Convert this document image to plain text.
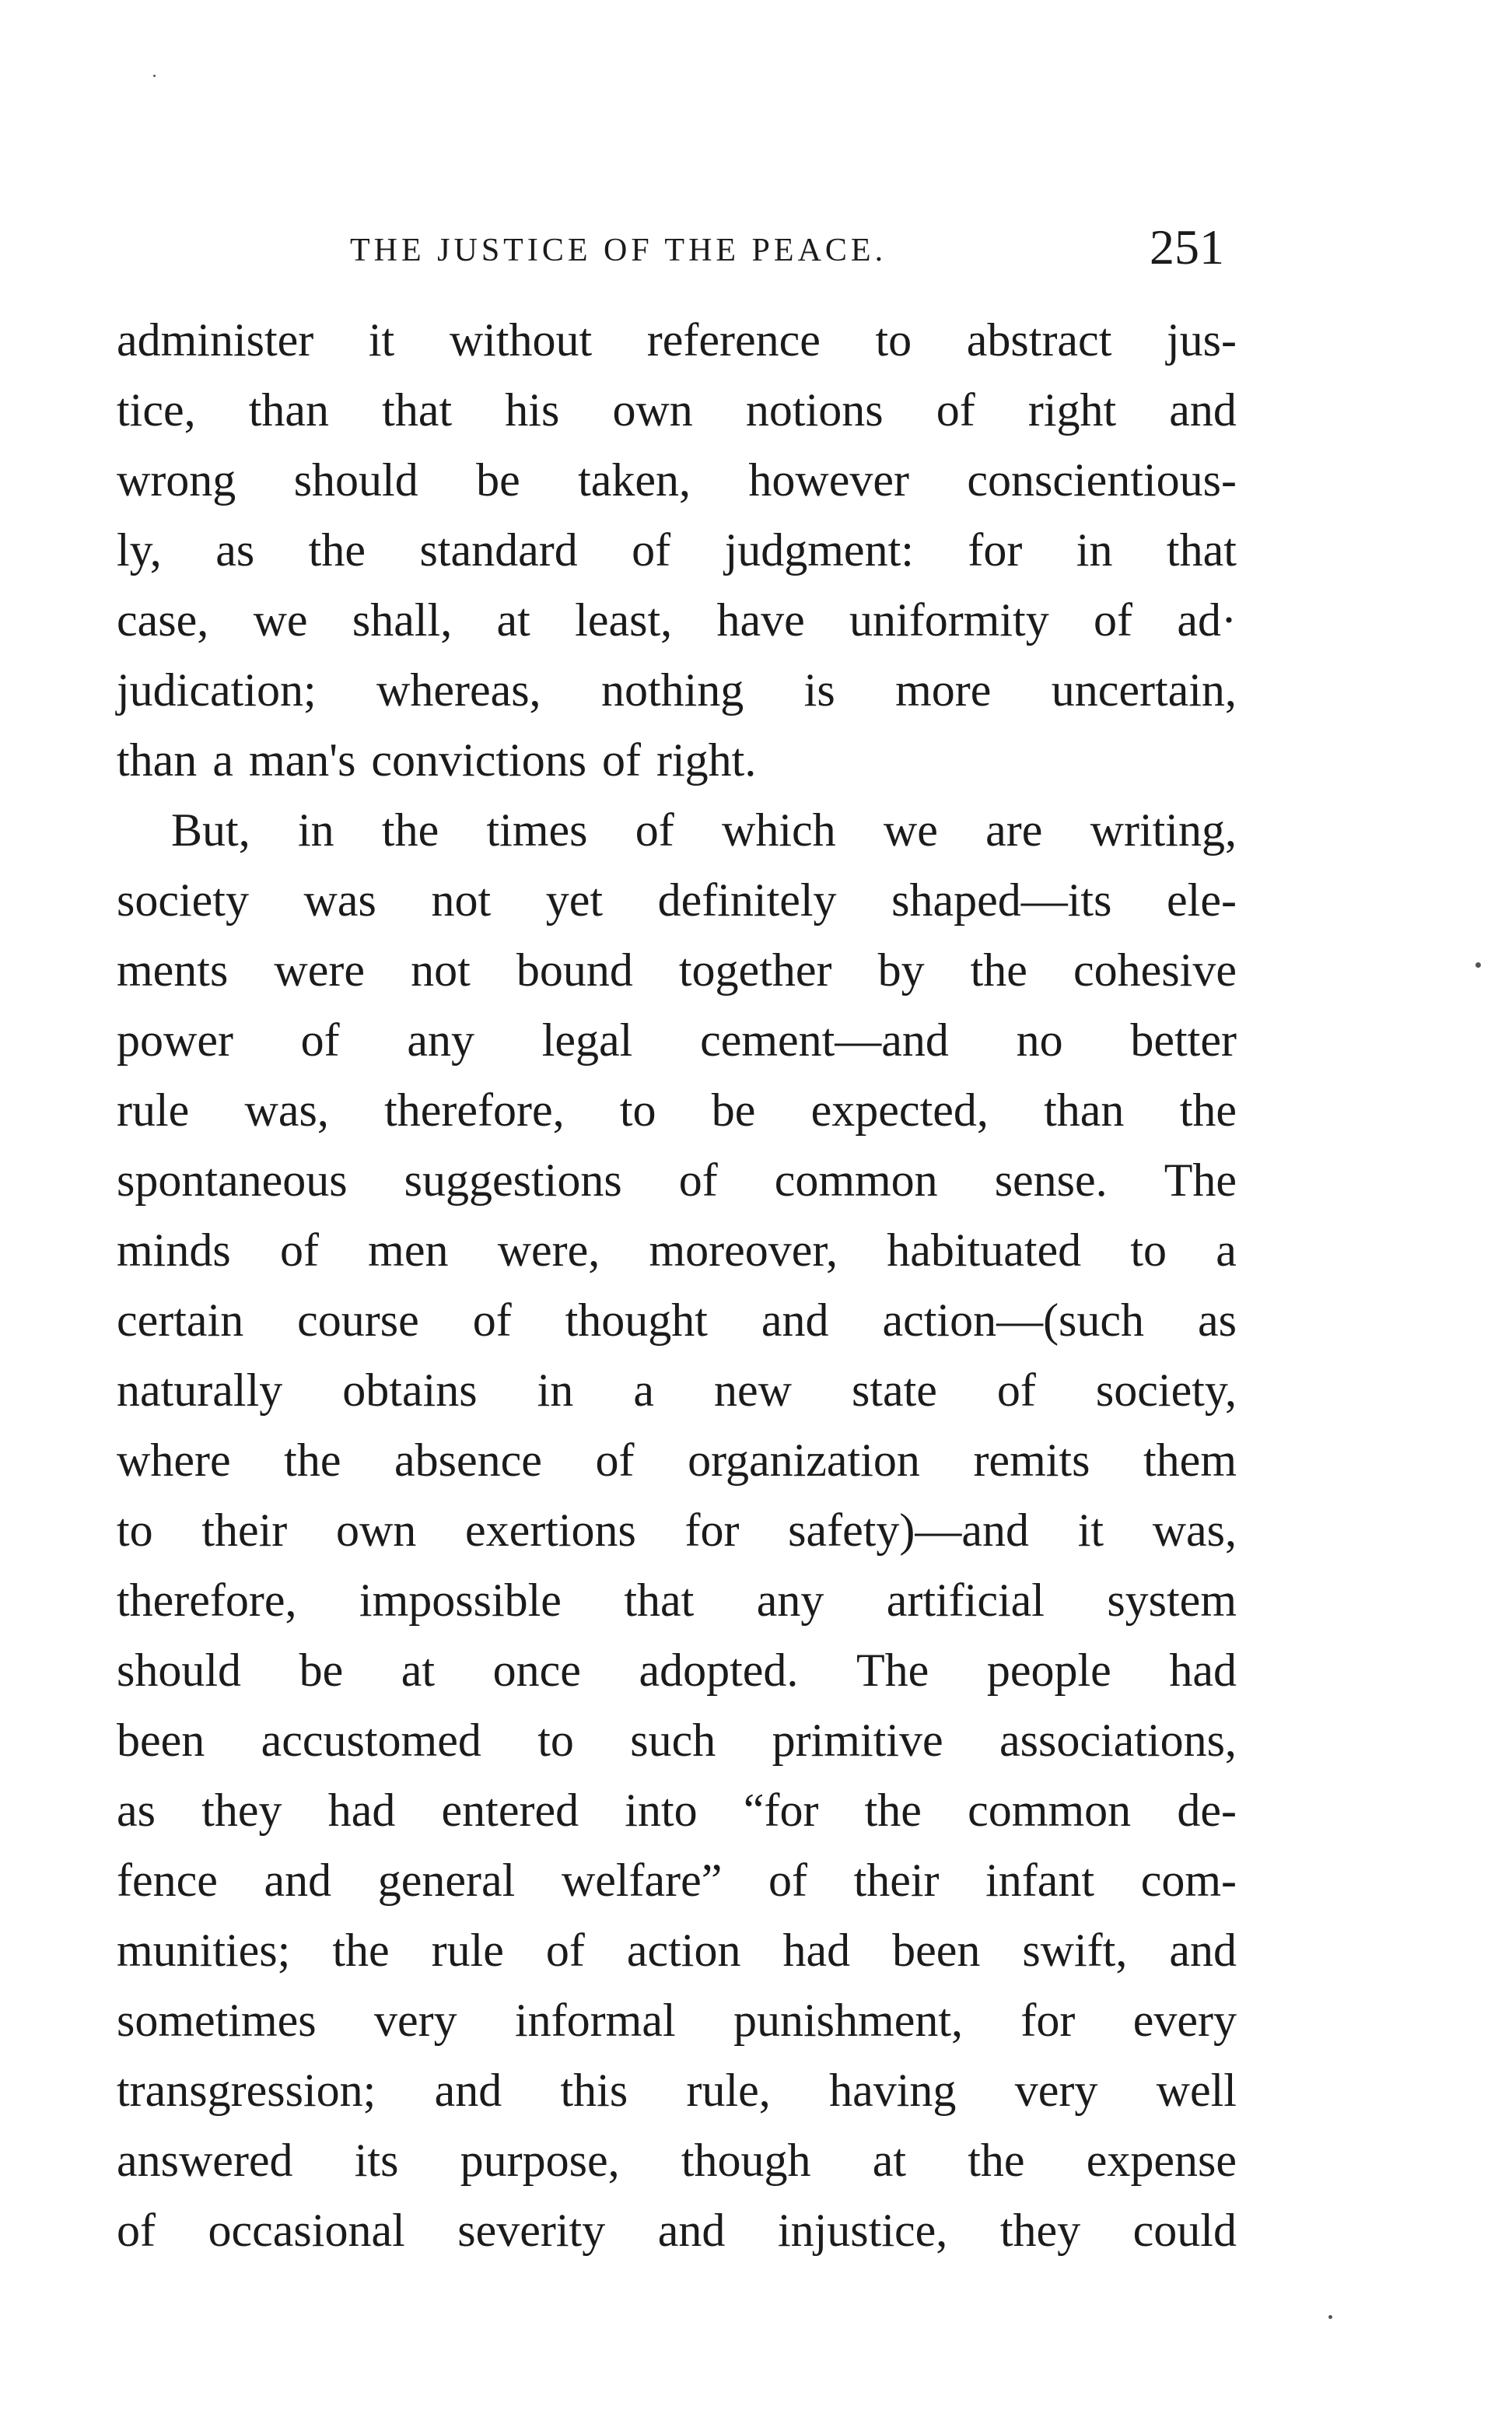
THE JUSTICE OF THE PEACE.	251
administer it without reference to abstract jus-
tice, than that his own notions of right and
wrong should be taken, however conscientious-
ly, as the standard of judgment: for in that
case, we shall, at least, have uniformity of ad·
judication; whereas, nothing is more uncertain,
than a man's convictions of right.
But, in the times of which we are writing,
society was not yet definitely shaped—its ele-
ments were not bound together by the cohesive
power of any legal cement—and no better
rule was, therefore, to be expected, than the
spontaneous suggestions of common sense. The
minds of men were, moreover, habituated to a
certain course of thought and action—(such as
naturally obtains in a new state of society,
where the absence of organization remits them
to their own exertions for safety)—and it was,
therefore, impossible that any artificial system
should be at once adopted. The people had
been accustomed to such primitive associations,
as they had entered into “for the common de-
fence and general welfare” of their infant com-
munities; the rule of action had been swift, and
sometimes very informal punishment, for every
transgression; and this rule, having very well
answered its purpose, though at the expense
of occasional severity and injustice, they could
